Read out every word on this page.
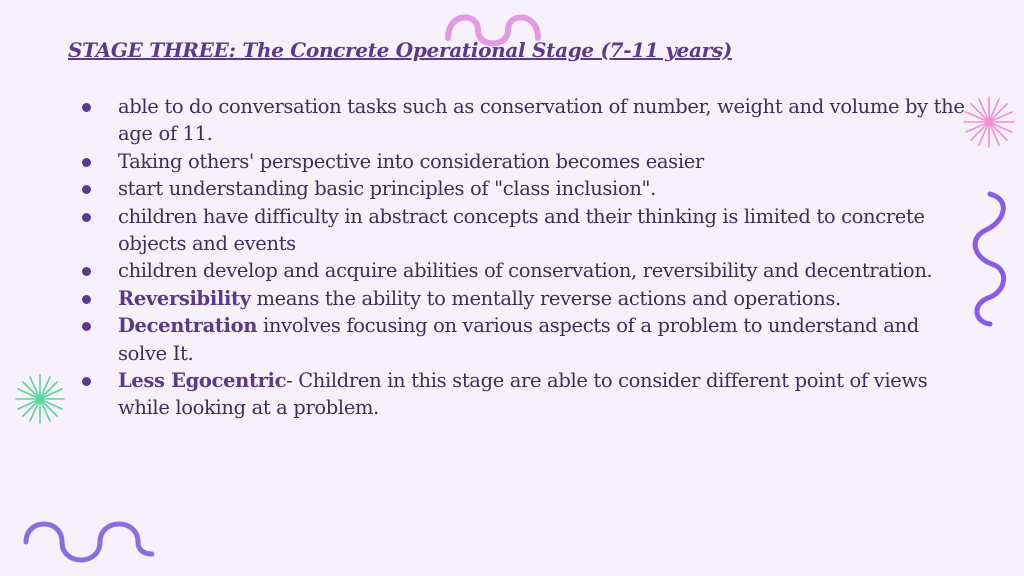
STAGE THREE: The Concrete Operational Stage (7-11 years)
able to do conversation tasks such as conservation of number, weight and volume by the age of 11.
Taking others' perspective into consideration becomes easier
start understanding basic principles of "class inclusion".
children have difficulty in abstract concepts and their thinking is limited to concrete objects and events
children develop and acquire abilities of conservation, reversibility and decentration.
Reversibility means the ability to mentally reverse actions and operations.
Decentration involves focusing on various aspects of a problem to understand and solve It.
Less Egocentric- Children in this stage are able to consider different point of views while looking at a problem.
